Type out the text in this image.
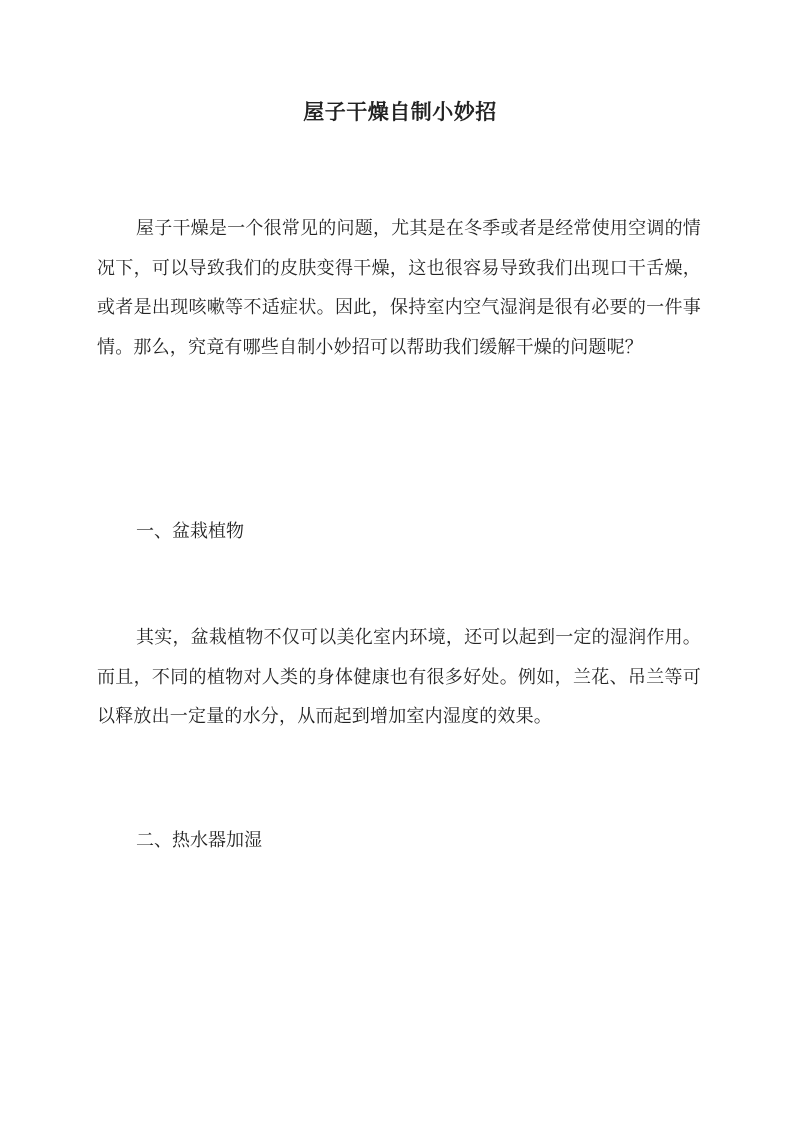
屋子干燥自制小妙招

屋子干燥是一个很常见的问题，尤其是在冬季或者是经常使用空调的情况下，可以导致我们的皮肤变得干燥，这也很容易导致我们出现口干舌燥，或者是出现咳嗽等不适症状。因此，保持室内空气湿润是很有必要的一件事情。那么，究竟有哪些自制小妙招可以帮助我们缓解干燥的问题呢？

一、盆栽植物

其实，盆栽植物不仅可以美化室内环境，还可以起到一定的湿润作用。而且，不同的植物对人类的身体健康也有很多好处。例如，兰花、吊兰等可以释放出一定量的水分，从而起到增加室内湿度的效果。

二、热水器加湿
